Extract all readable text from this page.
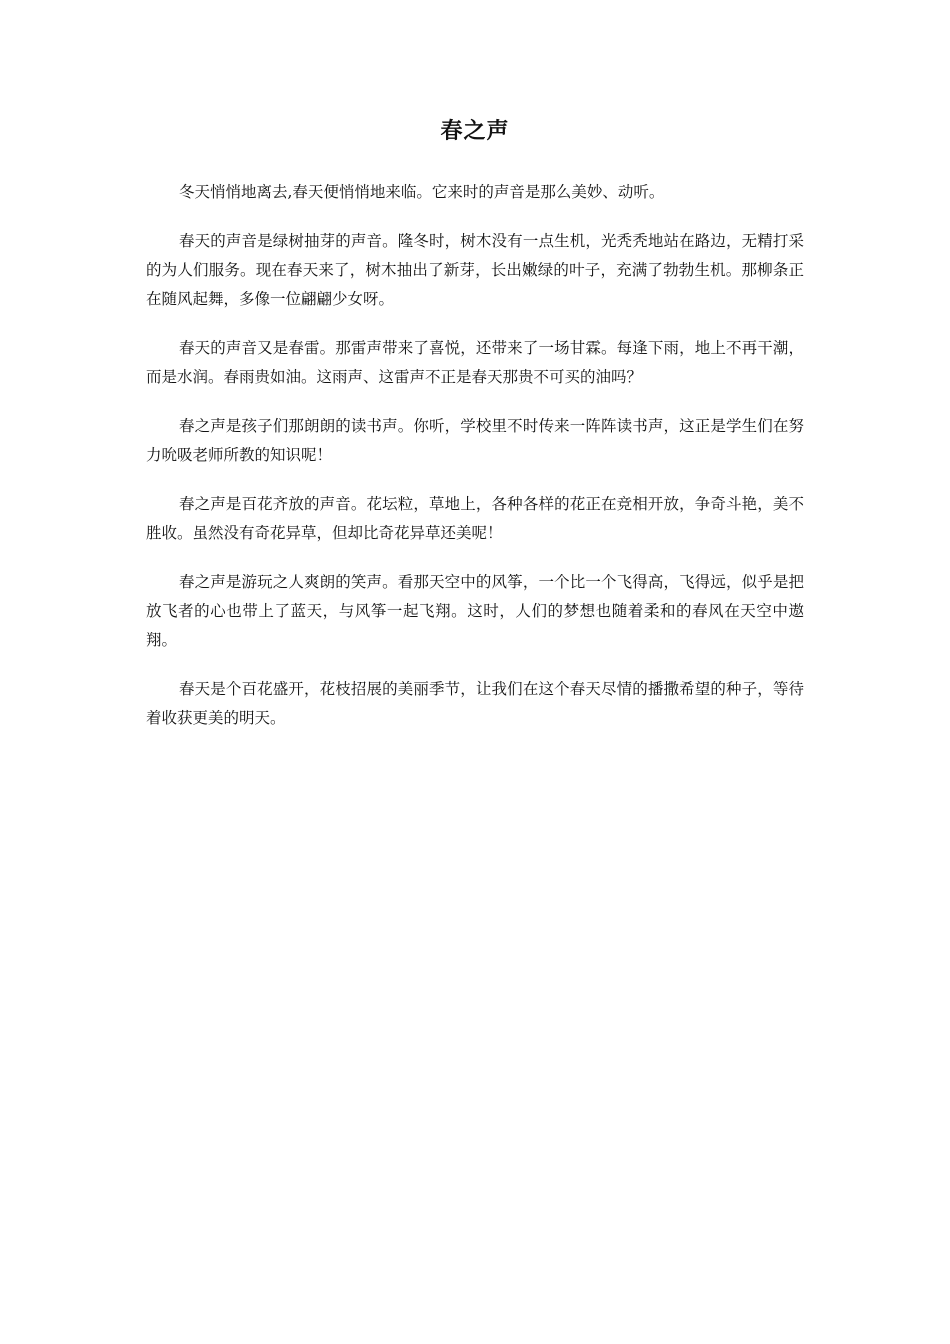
春之声

冬天悄悄地离去,春天便悄悄地来临。它来时的声音是那么美妙、动听。

春天的声音是绿树抽芽的声音。隆冬时，树木没有一点生机，光秃秃地站在路边，无精打采的为人们服务。现在春天来了，树木抽出了新芽，长出嫩绿的叶子，充满了勃勃生机。那柳条正在随风起舞，多像一位翩翩少女呀。

春天的声音又是春雷。那雷声带来了喜悦，还带来了一场甘霖。每逢下雨，地上不再干潮，而是水润。春雨贵如油。这雨声、这雷声不正是春天那贵不可买的油吗？

春之声是孩子们那朗朗的读书声。你听，学校里不时传来一阵阵读书声，这正是学生们在努力吮吸老师所教的知识呢！

春之声是百花齐放的声音。花坛粒，草地上，各种各样的花正在竞相开放，争奇斗艳，美不胜收。虽然没有奇花异草，但却比奇花异草还美呢！

春之声是游玩之人爽朗的笑声。看那天空中的风筝，一个比一个飞得高，飞得远，似乎是把放飞者的心也带上了蓝天，与风筝一起飞翔。这时，人们的梦想也随着柔和的春风在天空中遨翔。

春天是个百花盛开，花枝招展的美丽季节，让我们在这个春天尽情的播撒希望的种子，等待着收获更美的明天。
